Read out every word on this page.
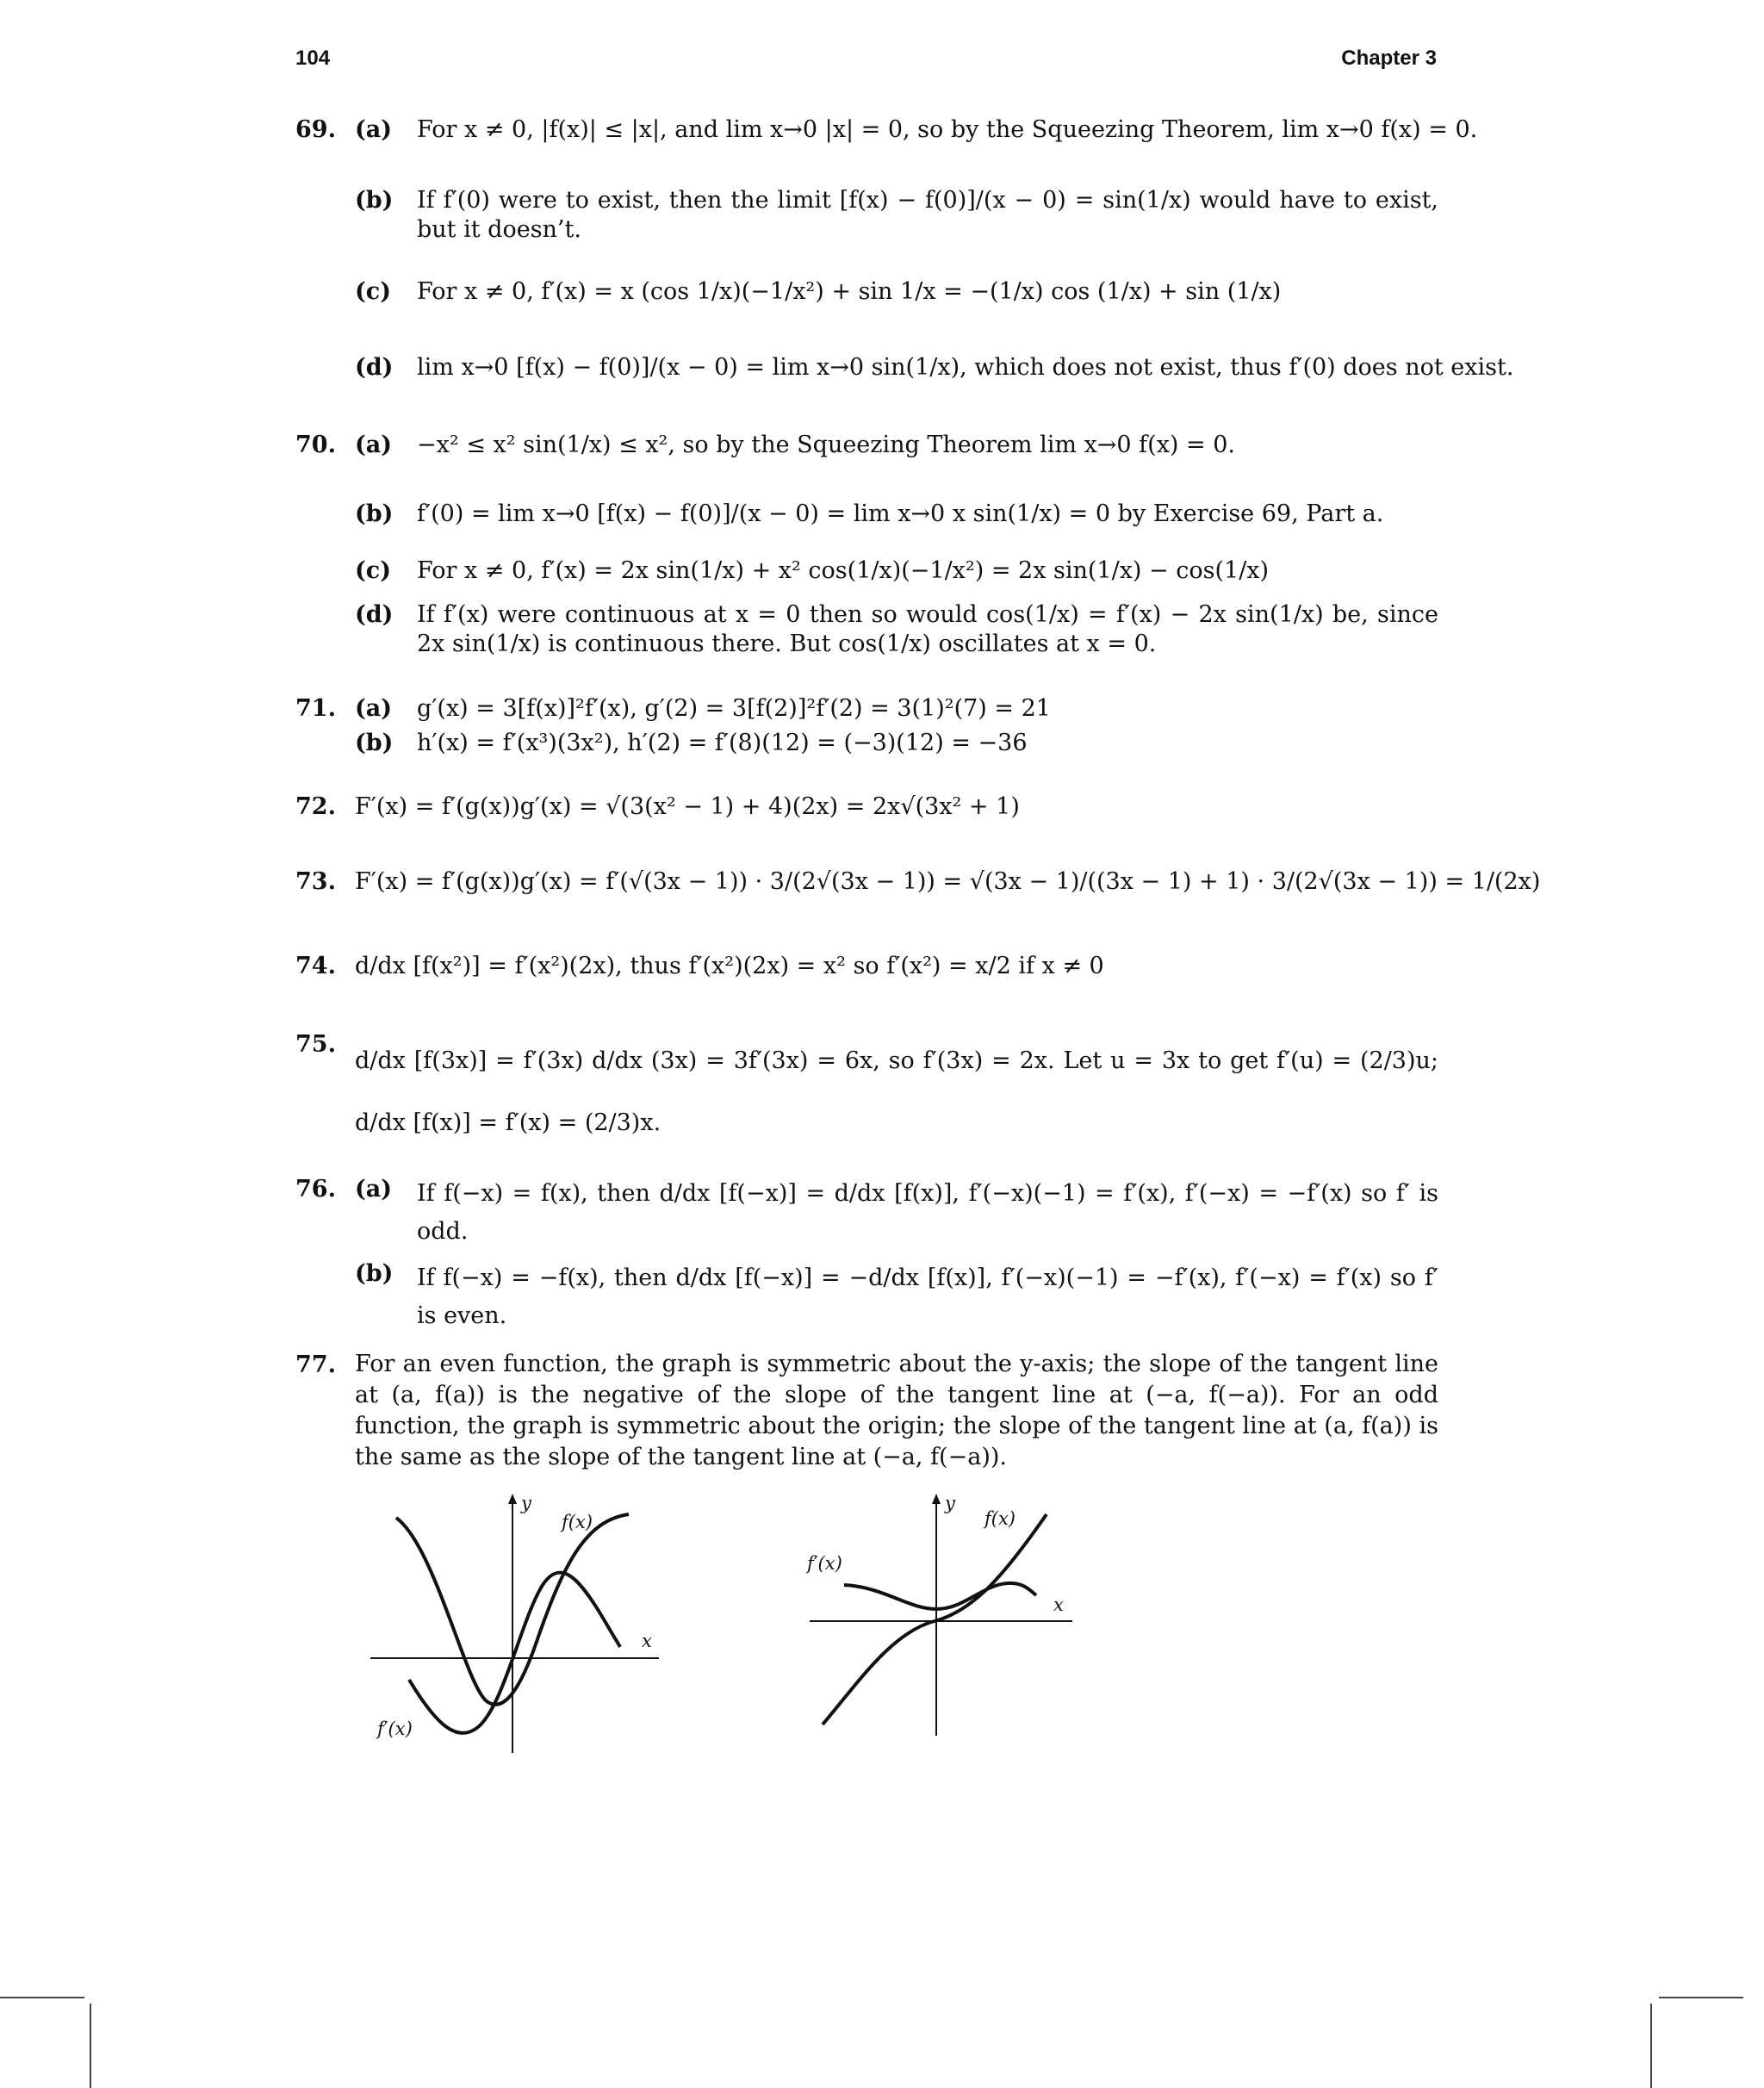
104	Chapter 3
69. (a) For x ≠ 0, |f(x)| ≤ |x|, and lim x→0 |x| = 0, so by the Squeezing Theorem, lim x→0 f(x) = 0.
(b) If f′(0) were to exist, then the limit [f(x) − f(0)]/(x − 0) = sin(1/x) would have to exist, but it doesn’t.
(c) For x ≠ 0, f′(x) = x (cos 1/x)(−1/x²) + sin 1/x = −(1/x) cos (1/x) + sin (1/x)
(d) lim x→0 [f(x) − f(0)]/(x − 0) = lim x→0 sin(1/x), which does not exist, thus f′(0) does not exist.
70. (a) −x² ≤ x² sin(1/x) ≤ x², so by the Squeezing Theorem lim x→0 f(x) = 0.
(b) f′(0) = lim x→0 [f(x) − f(0)]/(x − 0) = lim x→0 x sin(1/x) = 0 by Exercise 69, Part a.
(c) For x ≠ 0, f′(x) = 2x sin(1/x) + x² cos(1/x)(−1/x²) = 2x sin(1/x) − cos(1/x)
(d) If f′(x) were continuous at x = 0 then so would cos(1/x) = f′(x) − 2x sin(1/x) be, since 2x sin(1/x) is continuous there. But cos(1/x) oscillates at x = 0.
71. (a) g′(x) = 3[f(x)]²f′(x), g′(2) = 3[f(2)]²f′(2) = 3(1)²(7) = 21
(b) h′(x) = f′(x³)(3x²), h′(2) = f′(8)(12) = (−3)(12) = −36
72. F′(x) = f′(g(x))g′(x) = √(3(x² − 1) + 4)(2x) = 2x√(3x² + 1)
73. F′(x) = f′(g(x))g′(x) = f′(√(3x − 1)) · 3/(2√(3x − 1)) = √(3x − 1)/((3x − 1) + 1) · 3/(2√(3x − 1)) = 1/(2x)
74. d/dx [f(x²)] = f′(x²)(2x), thus f′(x²)(2x) = x² so f′(x²) = x/2 if x ≠ 0
75.
d/dx [f(3x)] = f′(3x) d/dx (3x) = 3f′(3x) = 6x, so f′(3x) = 2x. Let u = 3x to get f′(u) = (2/3)u; d/dx [f(x)] = f′(x) = (2/3)x.
76. (a) If f(−x) = f(x), then d/dx [f(−x)] = d/dx [f(x)], f′(−x)(−1) = f′(x), f′(−x) = −f′(x) so f′ is odd.
(b) If f(−x) = −f(x), then d/dx [f(−x)] = −d/dx [f(x)], f′(−x)(−1) = −f′(x), f′(−x) = f′(x) so f′ is even.
77. For an even function, the graph is symmetric about the y-axis; the slope of the tangent line at (a, f(a)) is the negative of the slope of the tangent line at (−a, f(−a)). For an odd function, the graph is symmetric about the origin; the slope of the tangent line at (a, f(a)) is the same as the slope of the tangent line at (−a, f(−a)).
y
x
f(x)
f′(x)
y
x
f(x)
f′(x)
